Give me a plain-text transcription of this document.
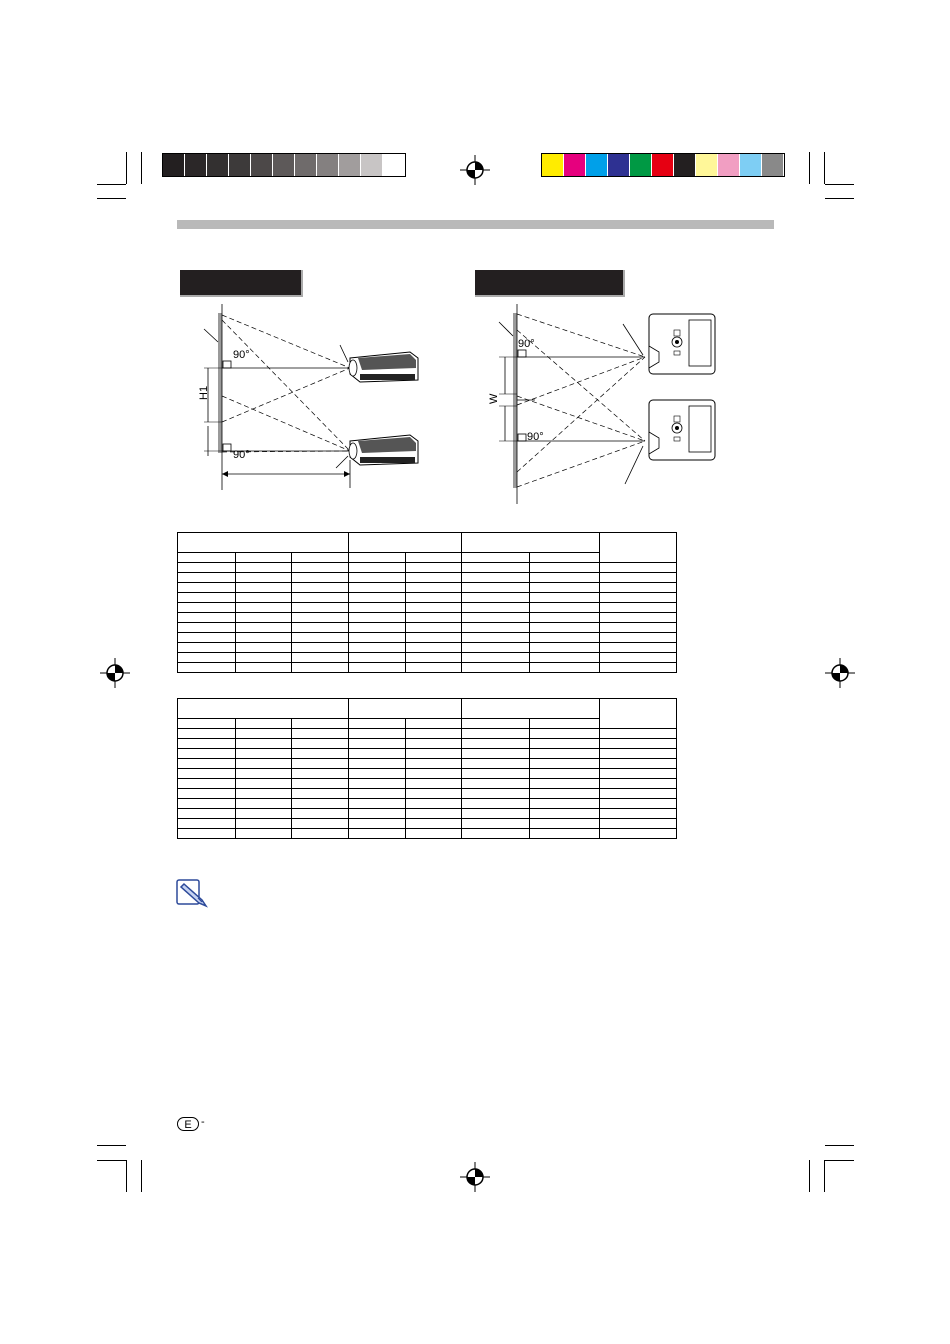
90°
90°
H1
90°
90°
W

E -
